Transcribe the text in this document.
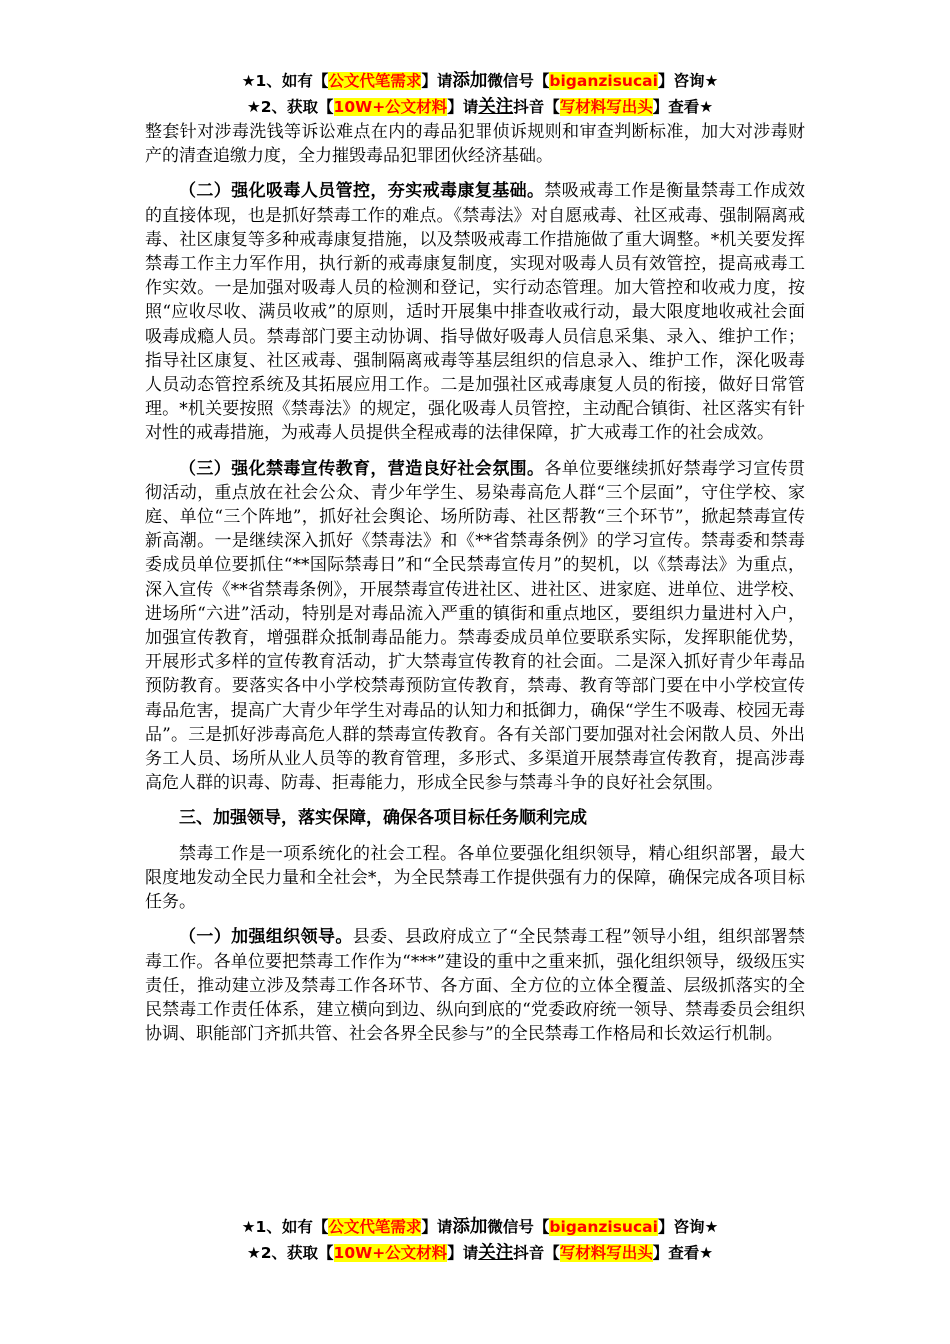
★1、如有【公文代笔需求】请添加微信号【biganzisucai】咨询★
★2、获取【10W+公文材料】请关注抖音【写材料写出头】查看★

整套针对涉毒洗钱等诉讼难点在内的毒品犯罪侦诉规则和审查判断标准，加大对涉毒财产的清查追缴力度，全力摧毁毒品犯罪团伙经济基础。

（二）强化吸毒人员管控，夯实戒毒康复基础。禁吸戒毒工作是衡量禁毒工作成效的直接体现，也是抓好禁毒工作的难点。《禁毒法》对自愿戒毒、社区戒毒、强制隔离戒毒、社区康复等多种戒毒康复措施，以及禁吸戒毒工作措施做了重大调整。*机关要发挥禁毒工作主力军作用，执行新的戒毒康复制度，实现对吸毒人员有效管控，提高戒毒工作实效。一是加强对吸毒人员的检测和登记，实行动态管理。加大管控和收戒力度，按照“应收尽收、满员收戒”的原则，适时开展集中排查收戒行动，最大限度地收戒社会面吸毒成瘾人员。禁毒部门要主动协调、指导做好吸毒人员信息采集、录入、维护工作；指导社区康复、社区戒毒、强制隔离戒毒等基层组织的信息录入、维护工作，深化吸毒人员动态管控系统及其拓展应用工作。二是加强社区戒毒康复人员的衔接，做好日常管理。*机关要按照《禁毒法》的规定，强化吸毒人员管控，主动配合镇街、社区落实有针对性的戒毒措施，为戒毒人员提供全程戒毒的法律保障，扩大戒毒工作的社会成效。

（三）强化禁毒宣传教育，营造良好社会氛围。各单位要继续抓好禁毒学习宣传贯彻活动，重点放在社会公众、青少年学生、易染毒高危人群“三个层面”，守住学校、家庭、单位“三个阵地”，抓好社会舆论、场所防毒、社区帮教“三个环节”，掀起禁毒宣传新高潮。一是继续深入抓好《禁毒法》和《**省禁毒条例》的学习宣传。禁毒委和禁毒委成员单位要抓住“**国际禁毒日”和“全民禁毒宣传月”的契机，以《禁毒法》为重点，深入宣传《**省禁毒条例》，开展禁毒宣传进社区、进社区、进家庭、进单位、进学校、进场所“六进”活动，特别是对毒品流入严重的镇街和重点地区，要组织力量进村入户，加强宣传教育，增强群众抵制毒品能力。禁毒委成员单位要联系实际，发挥职能优势，开展形式多样的宣传教育活动，扩大禁毒宣传教育的社会面。二是深入抓好青少年毒品预防教育。要落实各中小学校禁毒预防宣传教育，禁毒、教育等部门要在中小学校宣传毒品危害，提高广大青少年学生对毒品的认知力和抵御力，确保“学生不吸毒、校园无毒品”。三是抓好涉毒高危人群的禁毒宣传教育。各有关部门要加强对社会闲散人员、外出务工人员、场所从业人员等的教育管理，多形式、多渠道开展禁毒宣传教育，提高涉毒高危人群的识毒、防毒、拒毒能力，形成全民参与禁毒斗争的良好社会氛围。

三、加强领导，落实保障，确保各项目标任务顺利完成

禁毒工作是一项系统化的社会工程。各单位要强化组织领导，精心组织部署，最大限度地发动全民力量和全社会*，为全民禁毒工作提供强有力的保障，确保完成各项目标任务。

（一）加强组织领导。县委、县政府成立了“全民禁毒工程”领导小组，组织部署禁毒工作。各单位要把禁毒工作作为“***”建设的重中之重来抓，强化组织领导，级级压实责任，推动建立涉及禁毒工作各环节、各方面、全方位的立体全覆盖、层级抓落实的全民禁毒工作责任体系，建立横向到边、纵向到底的“党委政府统一领导、禁毒委员会组织协调、职能部门齐抓共管、社会各界全民参与”的全民禁毒工作格局和长效运行机制。

★1、如有【公文代笔需求】请添加微信号【biganzisucai】咨询★
★2、获取【10W+公文材料】请关注抖音【写材料写出头】查看★
